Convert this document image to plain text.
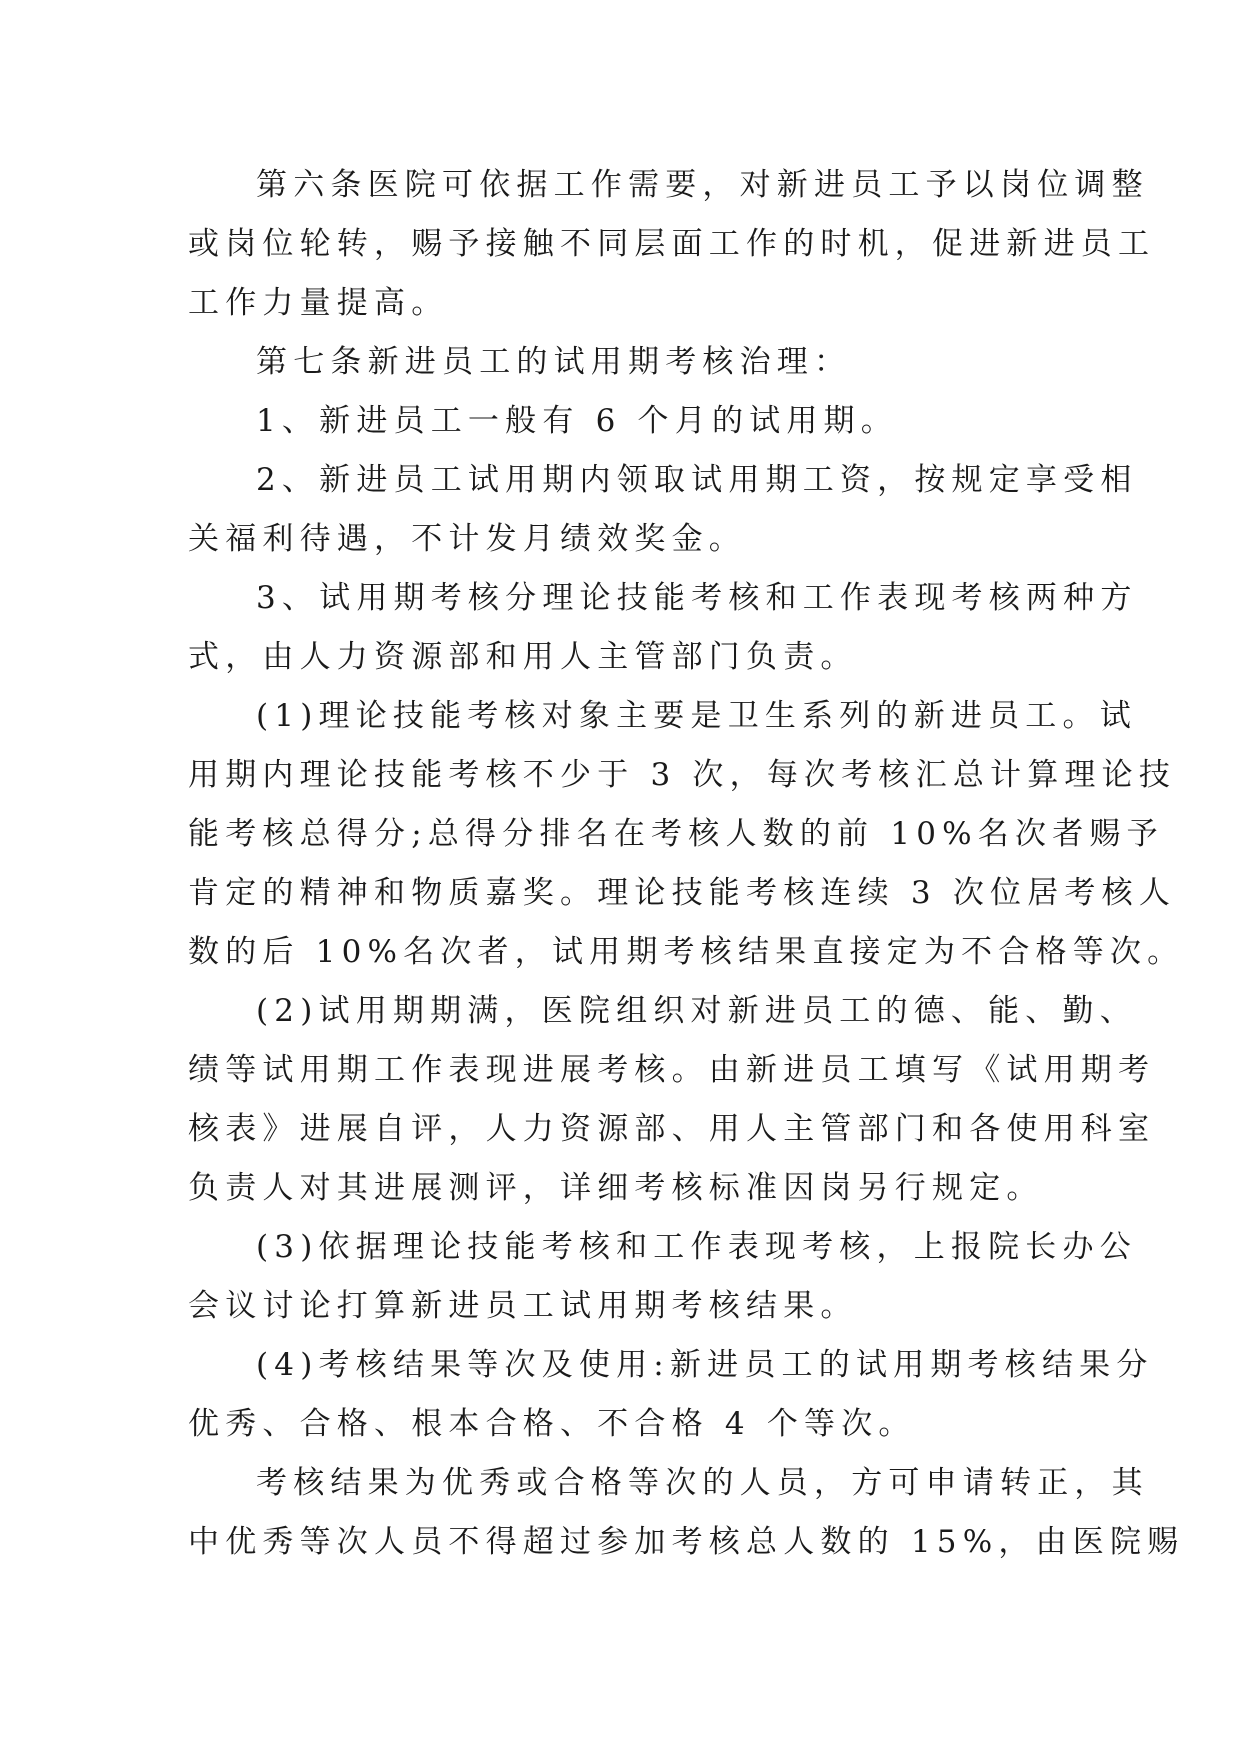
第六条医院可依据工作需要，对新进员工予以岗位调整
或岗位轮转，赐予接触不同层面工作的时机，促进新进员工
工作力量提高。
第七条新进员工的试用期考核治理：
1、新进员工一般有 6 个月的试用期。
2、新进员工试用期内领取试用期工资，按规定享受相
关福利待遇，不计发月绩效奖金。
3、试用期考核分理论技能考核和工作表现考核两种方
式，由人力资源部和用人主管部门负责。
(1)理论技能考核对象主要是卫生系列的新进员工。试
用期内理论技能考核不少于 3 次，每次考核汇总计算理论技
能考核总得分;总得分排名在考核人数的前 10%名次者赐予
肯定的精神和物质嘉奖。理论技能考核连续 3 次位居考核人
数的后 10%名次者，试用期考核结果直接定为不合格等次。
(2)试用期期满，医院组织对新进员工的德、能、勤、
绩等试用期工作表现进展考核。由新进员工填写《试用期考
核表》进展自评，人力资源部、用人主管部门和各使用科室
负责人对其进展测评，详细考核标准因岗另行规定。
(3)依据理论技能考核和工作表现考核，上报院长办公
会议讨论打算新进员工试用期考核结果。
(4)考核结果等次及使用:新进员工的试用期考核结果分
优秀、合格、根本合格、不合格 4 个等次。
考核结果为优秀或合格等次的人员，方可申请转正，其
中优秀等次人员不得超过参加考核总人数的 15%，由医院赐
